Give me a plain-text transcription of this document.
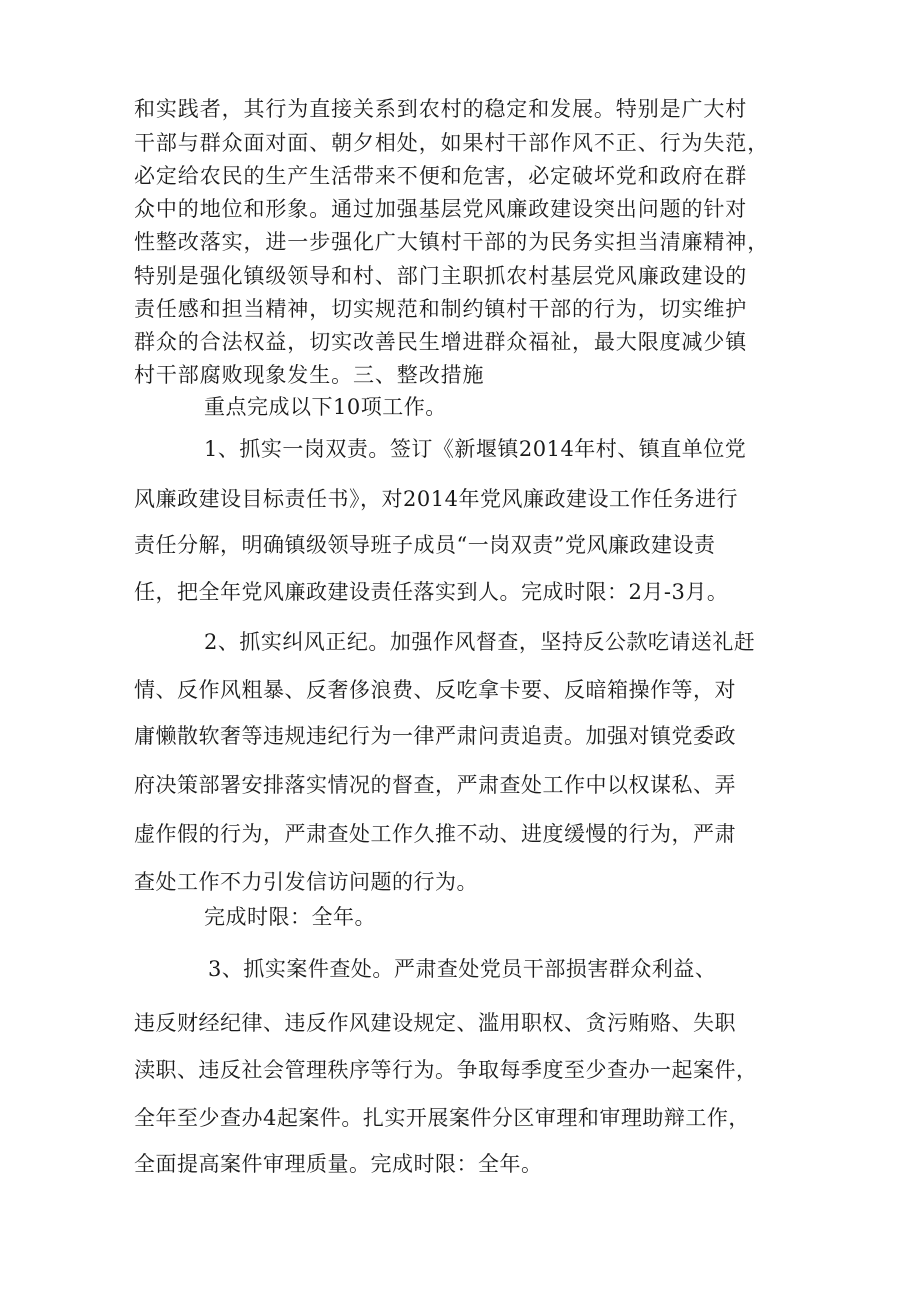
和实践者，其行为直接关系到农村的稳定和发展。特别是广大村

干部与群众面对面、朝夕相处，如果村干部作风不正、行为失范，

必定给农民的生产生活带来不便和危害，必定破坏党和政府在群

众中的地位和形象。通过加强基层党风廉政建设突出问题的针对

性整改落实，进一步强化广大镇村干部的为民务实担当清廉精神，

特别是强化镇级领导和村、部门主职抓农村基层党风廉政建设的

责任感和担当精神，切实规范和制约镇村干部的行为，切实维护

群众的合法权益，切实改善民生增进群众福祉，最大限度减少镇

村干部腐败现象发生。三、整改措施

重点完成以下10项工作。

1、抓实一岗双责。签订《新堰镇2014年村、镇直单位党

风廉政建设目标责任书》，对2014年党风廉政建设工作任务进行

责任分解，明确镇级领导班子成员“一岗双责”党风廉政建设责

任，把全年党风廉政建设责任落实到人。完成时限：2月-3月。

2、抓实纠风正纪。加强作风督查，坚持反公款吃请送礼赶

情、反作风粗暴、反奢侈浪费、反吃拿卡要、反暗箱操作等，对

庸懒散软奢等违规违纪行为一律严肃问责追责。加强对镇党委政

府决策部署安排落实情况的督查，严肃查处工作中以权谋私、弄

虚作假的行为，严肃查处工作久推不动、进度缓慢的行为，严肃

查处工作不力引发信访问题的行为。

完成时限：全年。

3、抓实案件查处。严肃查处党员干部损害群众利益、

违反财经纪律、违反作风建设规定、滥用职权、贪污贿赂、失职

渎职、违反社会管理秩序等行为。争取每季度至少查办一起案件，

全年至少查办4起案件。扎实开展案件分区审理和审理助辩工作，

全面提高案件审理质量。完成时限：全年。
